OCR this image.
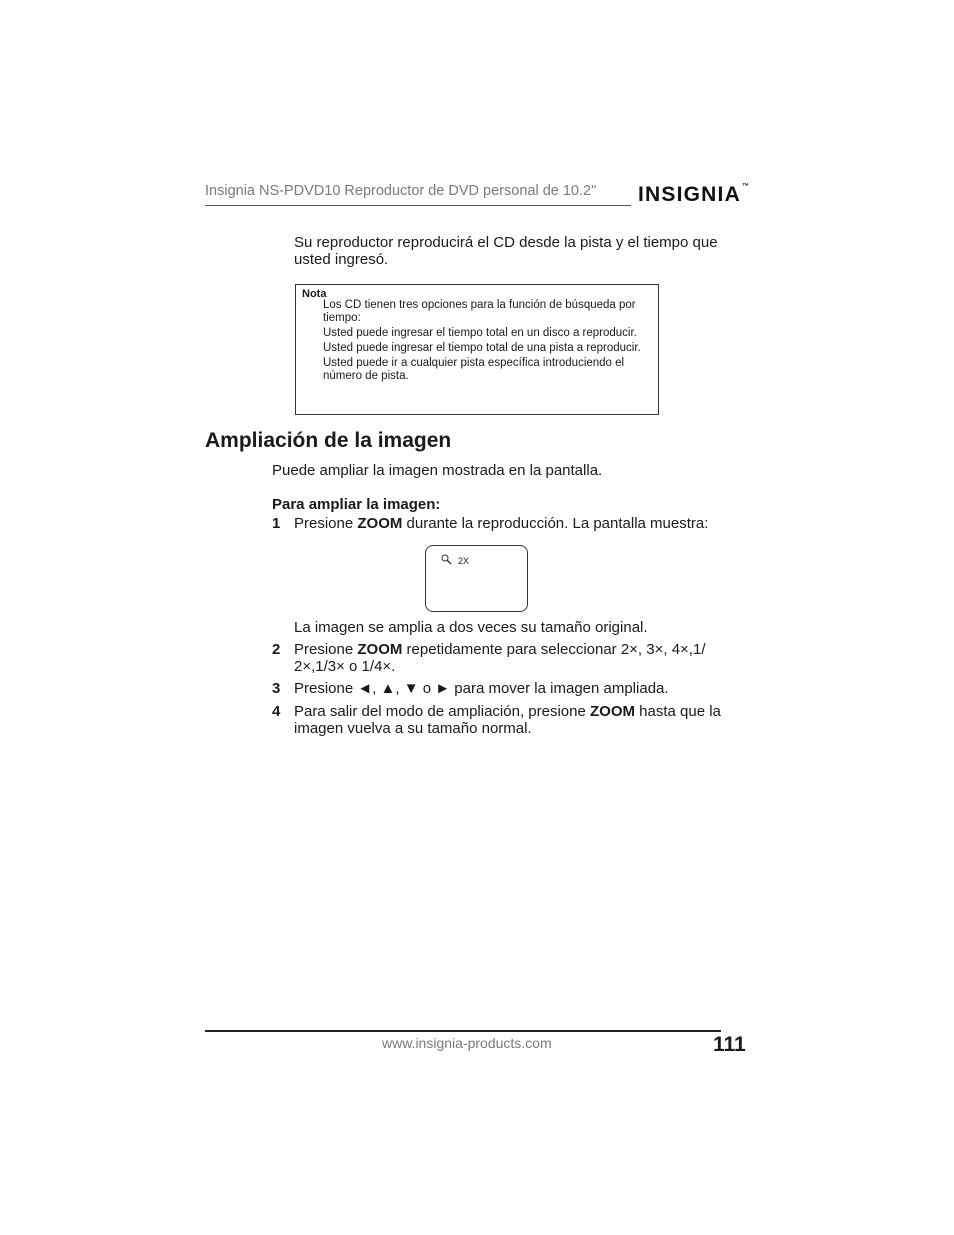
Insignia NS-PDVD10 Reproductor de DVD personal de 10.2" INSIGNIA™
Su reproductor reproducirá el CD desde la pista y el tiempo que usted ingresó.
Nota
Los CD tienen tres opciones para la función de búsqueda por tiempo:
Usted puede ingresar el tiempo total en un disco a reproducir.
Usted puede ingresar el tiempo total de una pista a reproducir.
Usted puede ir a cualquier pista específica introduciendo el número de pista.
Ampliación de la imagen
Puede ampliar la imagen mostrada en la pantalla.
Para ampliar la imagen:
1 Presione ZOOM durante la reproducción. La pantalla muestra:
2X
La imagen se amplia a dos veces su tamaño original.
2 Presione ZOOM repetidamente para seleccionar 2×, 3×, 4×,1/ 2×,1/3× o 1/4×.
3 Presione ◄, ▲, ▼ o ► para mover la imagen ampliada.
4 Para salir del modo de ampliación, presione ZOOM hasta que la imagen vuelva a su tamaño normal.
www.insignia-products.com	111
